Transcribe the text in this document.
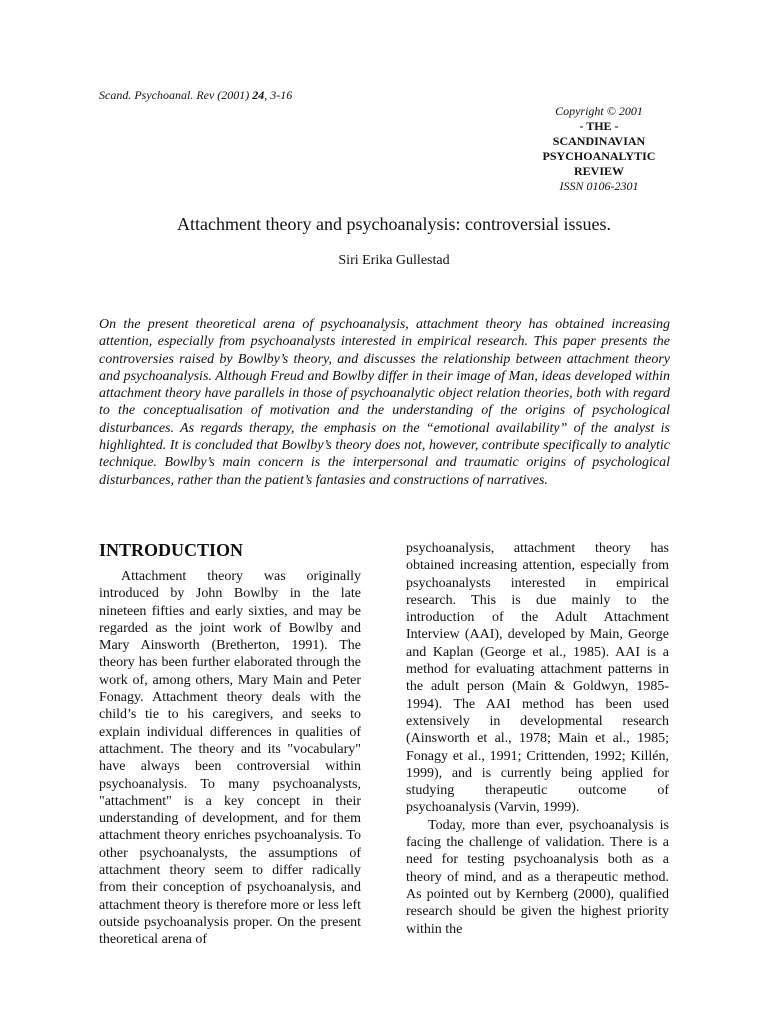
Scand. Psychoanal. Rev (2001) 24, 3-16
Copyright © 2001
- THE -
SCANDINAVIAN
PSYCHOANALYTIC
REVIEW
ISSN 0106-2301
Attachment theory and psychoanalysis: controversial issues.
Siri Erika Gullestad

On the present theoretical arena of psychoanalysis, attachment theory has obtained increasing attention, especially from psychoanalysts interested in empirical research. This paper presents the controversies raised by Bowlby’s theory, and discusses the relationship between attachment theory and psychoanalysis. Although Freud and Bowlby differ in their image of Man, ideas developed within attachment theory have parallels in those of psychoanalytic object relation theories, both with regard to the conceptualisation of motivation and the understanding of the origins of psychological disturbances. As regards therapy, the emphasis on the “emotional availability” of the analyst is highlighted. It is concluded that Bowlby’s theory does not, however, contribute specifically to analytic technique. Bowlby’s main concern is the interpersonal and traumatic origins of psychological disturbances, rather than the patient’s fantasies and constructions of narratives.

INTRODUCTION

Attachment theory was originally introduced by John Bowlby in the late nineteen fifties and early sixties, and may be regarded as the joint work of Bowlby and Mary Ainsworth (Bretherton, 1991). The theory has been further elaborated through the work of, among others, Mary Main and Peter Fonagy. Attachment theory deals with the child’s tie to his caregivers, and seeks to explain individual differences in qualities of attachment. The theory and its "vocabulary" have always been controversial within psychoanalysis. To many psychoanalysts, "attachment" is a key concept in their understanding of development, and for them attachment theory enriches psychoanalysis. To other psychoanalysts, the assumptions of attachment theory seem to differ radically from their conception of psychoanalysis, and attachment theory is therefore more or less left outside psychoanalysis proper. On the present theoretical arena of

psychoanalysis, attachment theory has obtained increasing attention, especially from psychoanalysts interested in empirical research. This is due mainly to the introduction of the Adult Attachment Interview (AAI), developed by Main, George and Kaplan (George et al., 1985). AAI is a method for evaluating attachment patterns in the adult person (Main & Goldwyn, 1985-1994). The AAI method has been used extensively in developmental research (Ainsworth et al., 1978; Main et al., 1985; Fonagy et al., 1991; Crittenden, 1992; Killén, 1999), and is currently being applied for studying therapeutic outcome of psychoanalysis (Varvin, 1999).

Today, more than ever, psychoanalysis is facing the challenge of validation. There is a need for testing psychoanalysis both as a theory of mind, and as a therapeutic method. As pointed out by Kernberg (2000), qualified research should be given the highest priority within the
